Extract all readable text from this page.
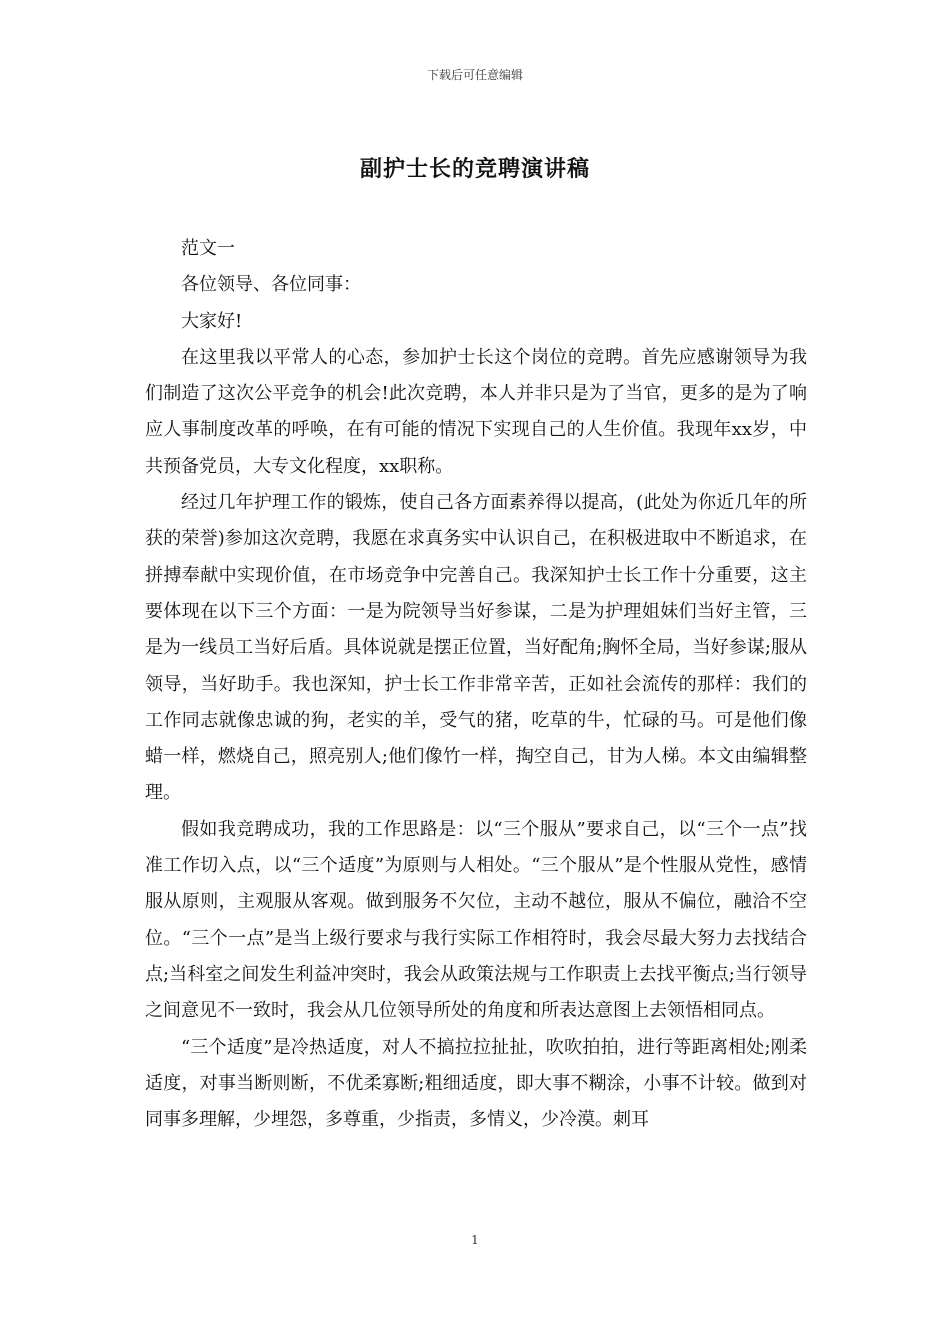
下载后可任意编辑
副护士长的竞聘演讲稿

范文一

各位领导、各位同事：

大家好!

在这里我以平常人的心态，参加护士长这个岗位的竞聘。首先应感谢领导为我们制造了这次公平竞争的机会!此次竞聘，本人并非只是为了当官，更多的是为了响应人事制度改革的呼唤，在有可能的情况下实现自己的人生价值。我现年xx岁，中共预备党员，大专文化程度，xx职称。

经过几年护理工作的锻炼，使自己各方面素养得以提高，(此处为你近几年的所获的荣誉)参加这次竞聘，我愿在求真务实中认识自己，在积极进取中不断追求，在拼搏奉献中实现价值，在市场竞争中完善自己。我深知护士长工作十分重要，这主要体现在以下三个方面：一是为院领导当好参谋，二是为护理姐妹们当好主管，三是为一线员工当好后盾。具体说就是摆正位置，当好配角;胸怀全局，当好参谋;服从领导，当好助手。我也深知，护士长工作非常辛苦，正如社会流传的那样：我们的工作同志就像忠诚的狗，老实的羊，受气的猪，吃草的牛，忙碌的马。可是他们像蜡一样，燃烧自己，照亮别人;他们像竹一样，掏空自己，甘为人梯。本文由编辑整理。

假如我竞聘成功，我的工作思路是：以“三个服从”要求自己，以“三个一点”找准工作切入点，以“三个适度”为原则与人相处。“三个服从”是个性服从党性，感情服从原则，主观服从客观。做到服务不欠位，主动不越位，服从不偏位，融洽不空位。“三个一点”是当上级行要求与我行实际工作相符时，我会尽最大努力去找结合点;当科室之间发生利益冲突时，我会从政策法规与工作职责上去找平衡点;当行领导之间意见不一致时，我会从几位领导所处的角度和所表达意图上去领悟相同点。

“三个适度”是冷热适度，对人不搞拉拉扯扯，吹吹拍拍，进行等距离相处;刚柔适度，对事当断则断，不优柔寡断;粗细适度，即大事不糊涂，小事不计较。做到对同事多理解，少埋怨，多尊重，少指责，多情义，少冷漠。刺耳

1
